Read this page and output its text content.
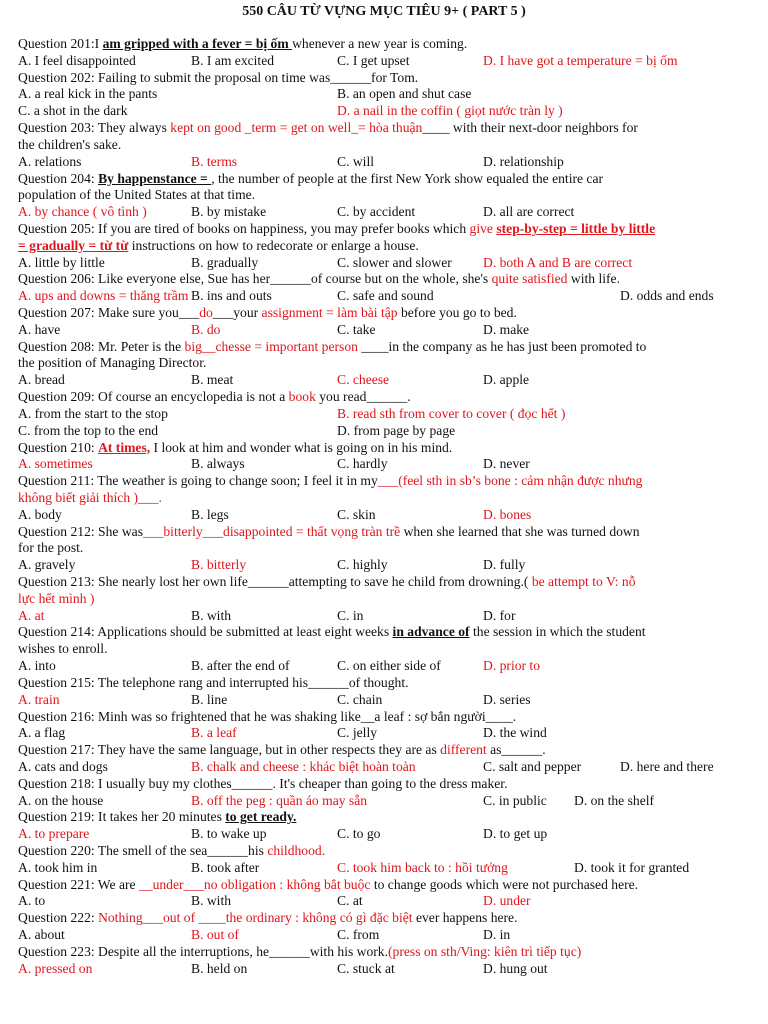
550 CÂU TỪ VỰNG MỤC TIÊU 9+ ( PART 5 )
Question 201:I am gripped with a fever = bị ốm whenever a new year is coming.
A. I feel disappointed	B. I am excited	C. I get upset	D. I have got a temperature = bị ốm
Question 202: Failing to submit the proposal on time was______for Tom.
A. a real kick in the pants	B. an open and shut case
C. a shot in the dark	D. a nail in the coffin ( giọt nước tràn ly )
Question 203: They always kept on good _term = get on well_= hòa thuận____ with their next-door neighbors for
the children's sake.
A. relations	B. terms	C. will	D. relationship
Question 204: By happenstance = , the number of people at the first New York show equaled the entire car
population of the United States at that time.
A. by chance ( vô tình )	B. by mistake	C. by accident	D. all are correct
Question 205: If you are tired of books on happiness, you may prefer books which give step-by-step = little by little
= gradually = từ từ instructions on how to redecorate or enlarge a house.
A. little by little	B. gradually	C. slower and slower	D. both A and B are correct
Question 206: Like everyone else, Sue has her______of course but on the whole, she's quite satisfied with life.
A. ups and downs = thăng trầm B. ins and outs	C. safe and sound	D. odds and ends
Question 207: Make sure you___do___your assignment = làm bài tập before you go to bed.
A. have	B. do	C. take	D. make
Question 208: Mr. Peter is the big__chesse = important person ____in the company as he has just been promoted to
the position of Managing Director.
A. bread	B. meat	C. cheese	D. apple
Question 209: Of course an encyclopedia is not a book you read______.
A. from the start to the stop	B. read sth from cover to cover ( đọc hết )
C. from the top to the end	D. from page by page
Question 210: At times, I look at him and wonder what is going on in his mind.
A. sometimes	B. always	C. hardly	D. never
Question 211: The weather is going to change soon; I feel it in my___(feel sth in sb’s bone : cảm nhận được nhưng
không biết giải thích )___.
A. body	B. legs	C. skin	D. bones
Question 212: She was___bitterly___disappointed = thất vọng tràn trề when she learned that she was turned down
for the post.
A. gravely	B. bitterly	C. highly	D. fully
Question 213: She nearly lost her own life______attempting to save he child from drowning.( be attempt to V: nỗ
lực hết mình )
A. at	B. with	C. in	D. for
Question 214: Applications should be submitted at least eight weeks in advance of the session in which the student
wishes to enroll.
A. into	B. after the end of	C. on either side of	D. prior to
Question 215: The telephone rang and interrupted his______of thought.
A. train	B. line	C. chain	D. series
Question 216: Minh was so frightened that he was shaking like__a leaf : sợ bắn người____.
A. a flag	B. a leaf	C. jelly	D. the wind
Question 217: They have the same language, but in other respects they are as different as______.
A. cats and dogs	B. chalk and cheese : khác biệt hoàn toàn	C. salt and pepper	D. here and there
Question 218: I usually buy my clothes______. It's cheaper than going to the dress maker.
A. on the house	B. off the peg : quần áo may sẵn	C. in public	D. on the shelf
Question 219: It takes her 20 minutes to get ready.
A. to prepare	B. to wake up	C. to go	D. to get up
Question 220: The smell of the sea______his childhood.
A. took him in	B. took after	C. took him back to : hồi tưởng	D. took it for granted
Question 221: We are __under___no obligation : không bắt buộc to change goods which were not purchased here.
A. to	B. with	C. at	D. under
Question 222: Nothing___out of ____the ordinary : không có gì đặc biệt ever happens here.
A. about	B. out of	C. from	D. in
Question 223: Despite all the interruptions, he______with his work.(press on sth/Ving: kiên trì tiếp tục)
A. pressed on	B. held on	C. stuck at	D. hung out
